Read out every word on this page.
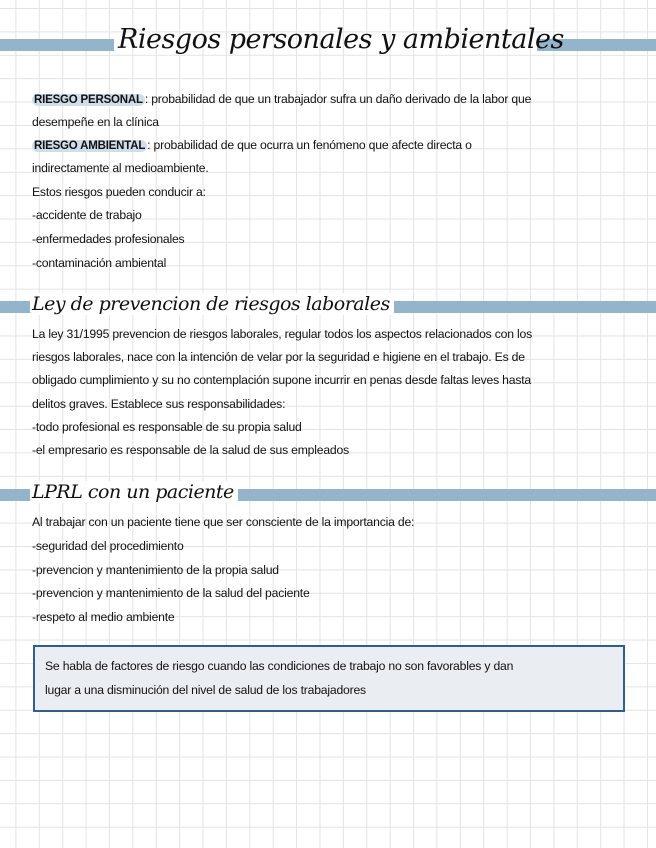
Riesgos personales y ambientales
RIESGO PERSONAL : probabilidad de que un trabajador sufra un daño derivado de la labor que
desempeñe en la clínica
RIESGO AMBIENTAL : probabilidad de que ocurra un fenómeno que afecte directa o
indirectamente al medioambiente.
Estos riesgos pueden conducir a:
-accidente de trabajo
-enfermedades profesionales
-contaminación ambiental
Ley de prevencion de riesgos laborales
La ley 31/1995 prevencion de riesgos laborales, regular todos los aspectos relacionados con los
riesgos laborales, nace con la intención de velar por la seguridad e higiene en el trabajo. Es de
obligado cumplimiento y su no contemplación supone incurrir en penas desde faltas leves hasta
delitos graves. Establece sus responsabilidades:
-todo profesional es responsable de su propia salud
-el empresario es responsable de la salud de sus empleados
LPRL con un paciente
Al trabajar con un paciente tiene que ser consciente de la importancia de:
-seguridad del procedimiento
-prevencion y mantenimiento de la propia salud
-prevencion y mantenimiento de la salud del paciente
-respeto al medio ambiente
Se habla de factores de riesgo cuando las condiciones de trabajo no son favorables y dan
lugar a una disminución del nivel de salud de los trabajadores
